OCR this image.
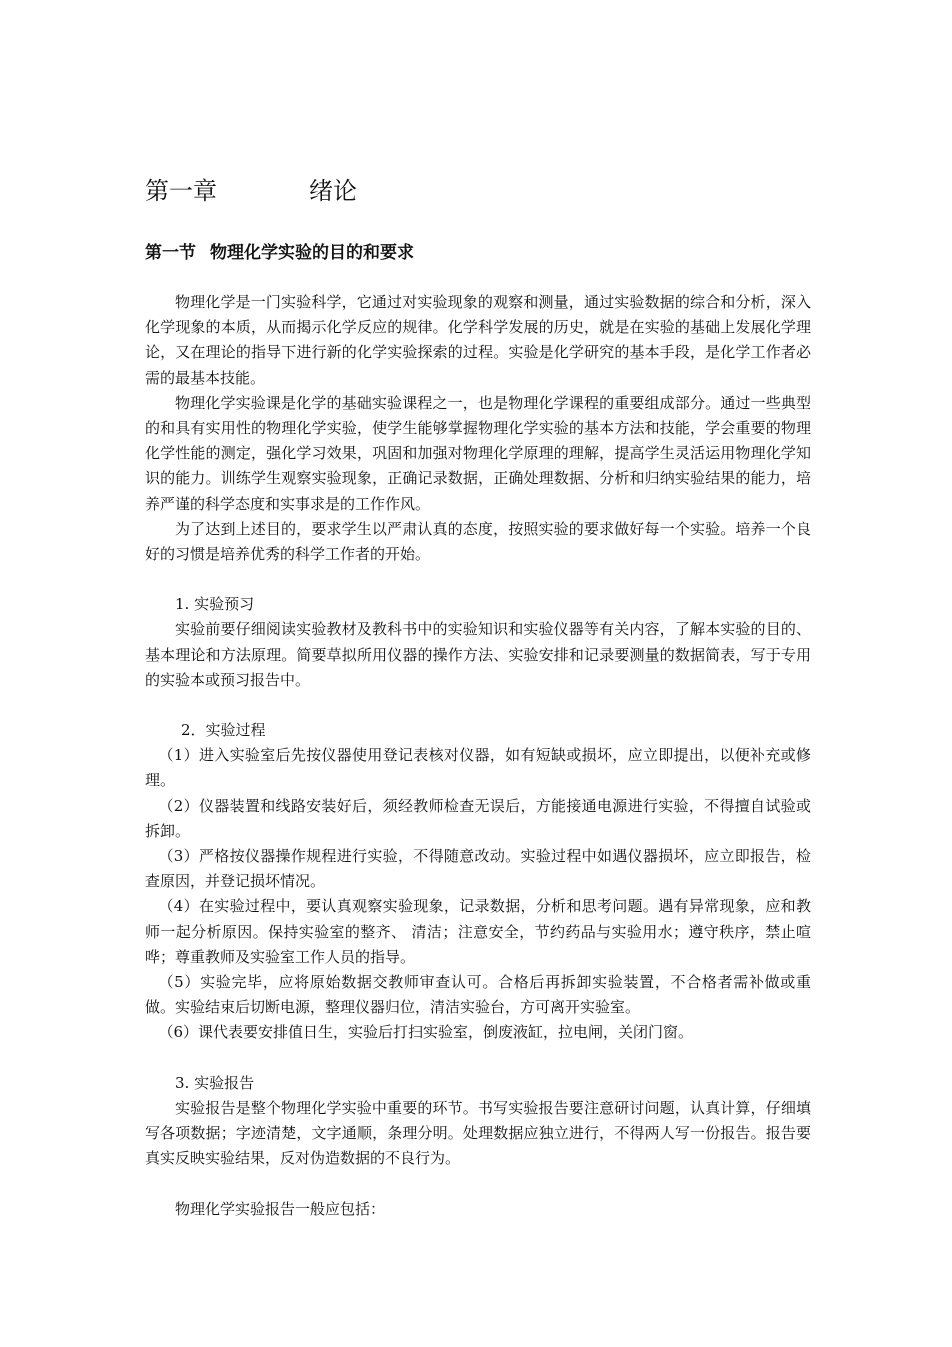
第一章	绪论
第一节 物理化学实验的目的和要求

物理化学是一门实验科学，它通过对实验现象的观察和测量，通过实验数据的综合和分析，深入化学现象的本质，从而揭示化学反应的规律。化学科学发展的历史，就是在实验的基础上发展化学理论，又在理论的指导下进行新的化学实验探索的过程。实验是化学研究的基本手段，是化学工作者必需的最基本技能。

物理化学实验课是化学的基础实验课程之一，也是物理化学课程的重要组成部分。通过一些典型的和具有实用性的物理化学实验，使学生能够掌握物理化学实验的基本方法和技能，学会重要的物理化学性能的测定，强化学习效果，巩固和加强对物理化学原理的理解，提高学生灵活运用物理化学知识的能力。训练学生观察实验现象，正确记录数据，正确处理数据、分析和归纳实验结果的能力，培养严谨的科学态度和实事求是的工作作风。

为了达到上述目的，要求学生以严肃认真的态度，按照实验的要求做好每一个实验。培养一个良好的习惯是培养优秀的科学工作者的开始。

1. 实验预习

实验前要仔细阅读实验教材及教科书中的实验知识和实验仪器等有关内容，了解本实验的目的、基本理论和方法原理。简要草拟所用仪器的操作方法、实验安排和记录要测量的数据简表，写于专用的实验本或预习报告中。

2．实验过程

（1）进入实验室后先按仪器使用登记表核对仪器，如有短缺或损坏，应立即提出，以便补充或修理。

（2）仪器装置和线路安装好后，须经教师检查无误后，方能接通电源进行实验，不得擅自试验或拆卸。

（3）严格按仪器操作规程进行实验，不得随意改动。实验过程中如遇仪器损坏，应立即报告，检查原因，并登记损坏情况。

（4）在实验过程中，要认真观察实验现象，记录数据，分析和思考问题。遇有异常现象，应和教师一起分析原因。保持实验室的整齐、 清洁；注意安全，节约药品与实验用水；遵守秩序，禁止喧哗；尊重教师及实验室工作人员的指导。

（5）实验完毕，应将原始数据交教师审查认可。合格后再拆卸实验装置，不合格者需补做或重做。实验结束后切断电源，整理仪器归位，清洁实验台，方可离开实验室。

（6）课代表要安排值日生，实验后打扫实验室，倒废液缸，拉电闸，关闭门窗。

3. 实验报告

实验报告是整个物理化学实验中重要的环节。书写实验报告要注意研讨问题，认真计算，仔细填写各项数据；字迹清楚，文字通顺，条理分明。处理数据应独立进行，不得两人写一份报告。报告要真实反映实验结果，反对伪造数据的不良行为。

物理化学实验报告一般应包括：
